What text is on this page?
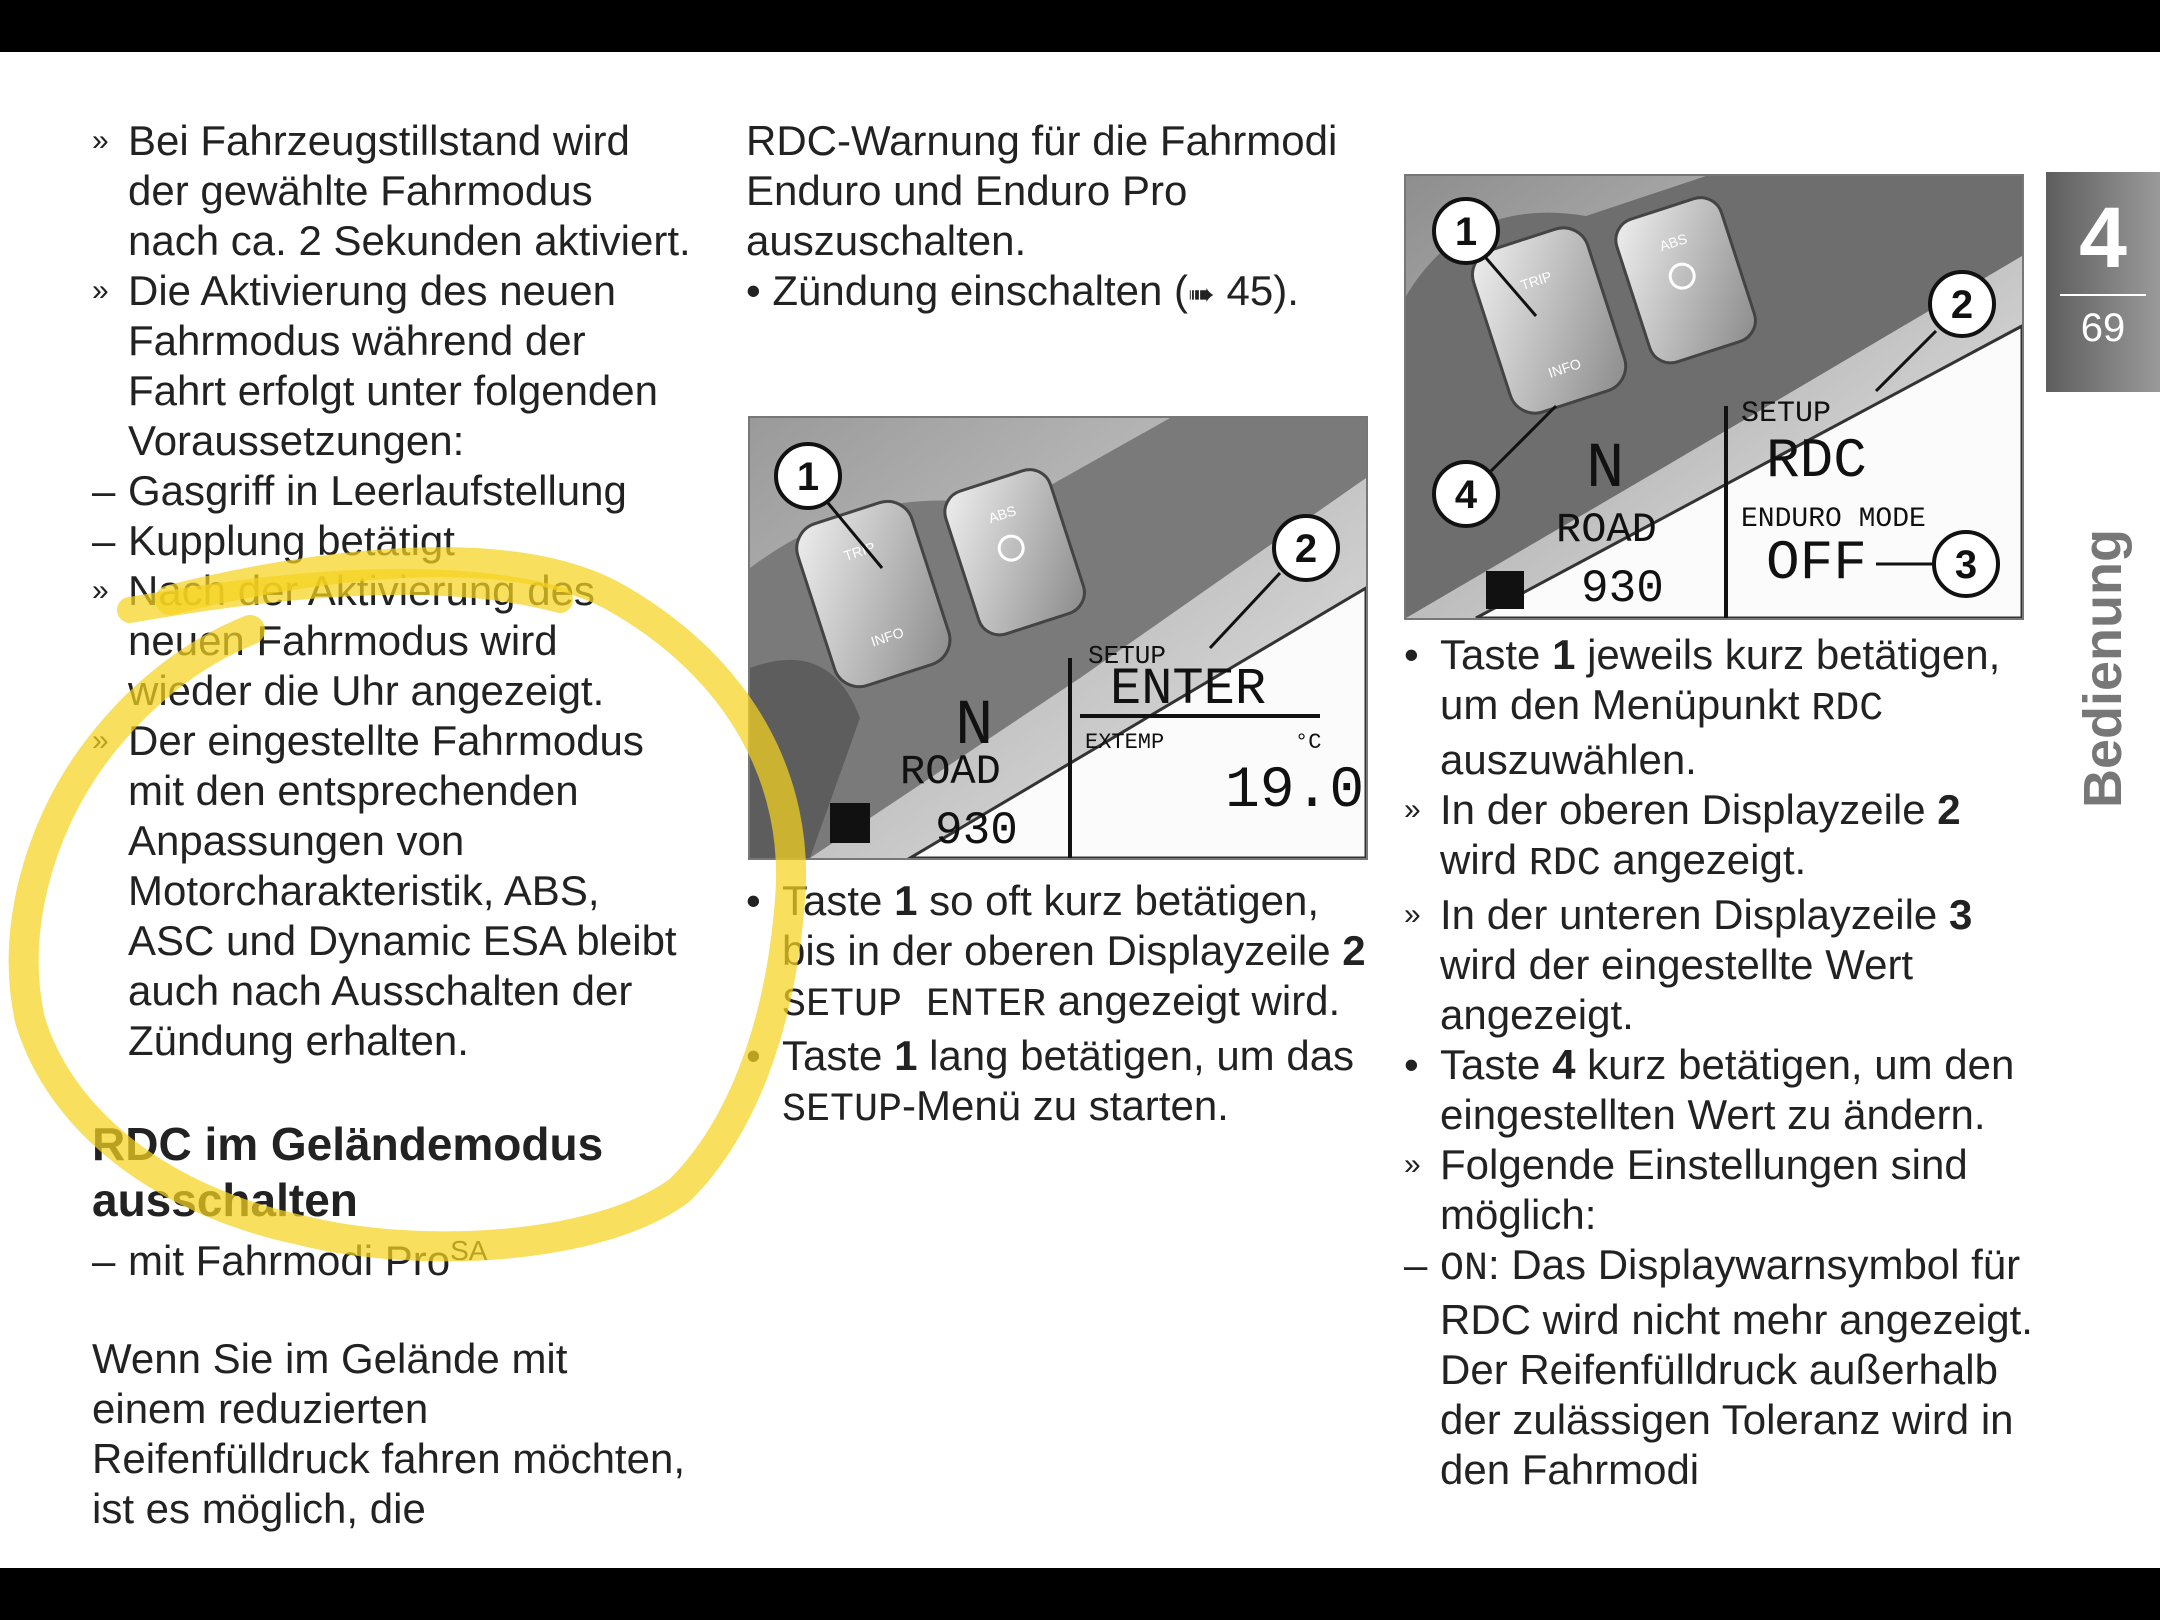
» Bei Fahrzeugstillstand wird der gewählte Fahrmodus nach ca. 2 Sekunden aktiviert.
» Die Aktivierung des neuen Fahrmodus während der Fahrt erfolgt unter folgenden Voraussetzungen:
– Gasgriff in Leerlaufstellung
– Kupplung betätigt
» Nach der Aktivierung des neuen Fahrmodus wird wieder die Uhr angezeigt.
» Der eingestellte Fahrmodus mit den entsprechenden Anpassungen von Motorcharakteristik, ABS, ASC und Dynamic ESA bleibt auch nach Ausschalten der Zündung erhalten.
RDC im Geländemodus ausschalten
– mit Fahrmodi Pro$^{SA}$
Wenn Sie im Gelände mit einem reduzierten Reifenfülldruck fahren möchten, ist es möglich, die
RDC-Warnung für die Fahrmodi Enduro und Enduro Pro auszuschalten.
• Zündung einschalten (➠ 45).
TRIP
INFO
ABS
SETUP
ENTER
EXTEMP	°C
19.0
N
ROAD
930
1
2
• Taste 1 so oft kurz betätigen, bis in der oberen Displayzeile 2
SETUP ENTER angezeigt wird.
• Taste 1 lang betätigen, um das
SETUP-Menü zu starten.
TRIP
INFO
ABS
SETUP
RDC
ENDURO MODE
OFF
N
ROAD
930
1
2
3
4
• Taste 1 jeweils kurz betätigen, um den Menüpunkt RDC auszuwählen.
» In der oberen Displayzeile 2 wird RDC angezeigt.
» In der unteren Displayzeile 3 wird der eingestellte Wert angezeigt.
• Taste 4 kurz betätigen, um den eingestellten Wert zu ändern.
» Folgende Einstellungen sind möglich:
– ON: Das Displaywarnsymbol für RDC wird nicht mehr angezeigt. Der Reifenfülldruck außerhalb der zulässigen Toleranz wird in den Fahrmodi
4
69
Bedienung
